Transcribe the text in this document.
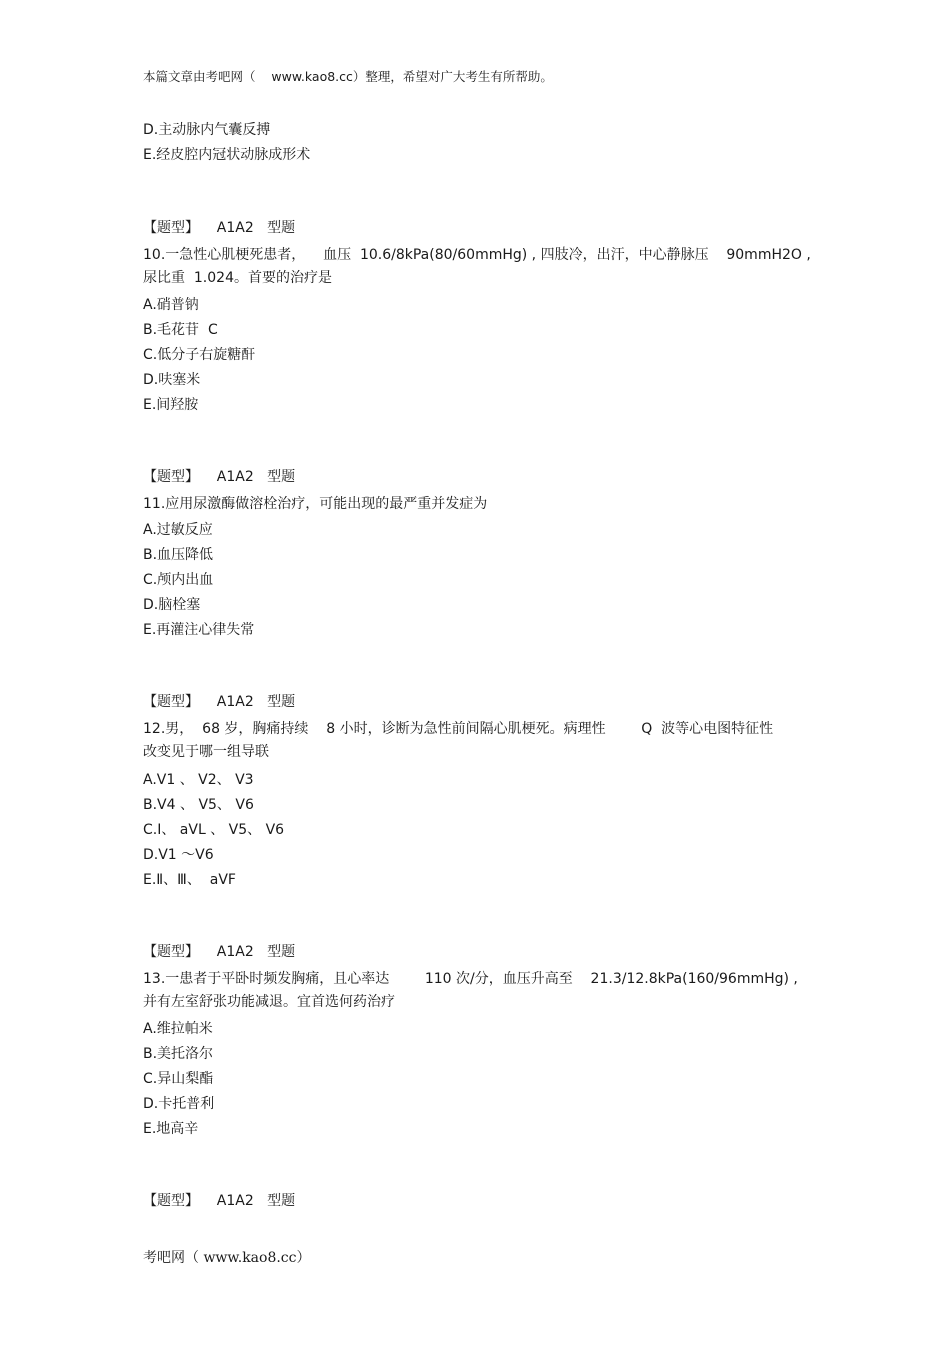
本篇文章由考吧网（    www.kao8.cc）整理，希望对广大考生有所帮助。
D.主动脉内气囊反搏
E.经皮腔内冠状动脉成形术
【题型】    A1A2   型题
10.一急性心肌梗死患者，    血压  10.6/8kPa(80/60mmHg) , 四肢冷，出汗，中心静脉压    90mmH2O ,
尿比重  1.024。首要的治疗是
A.硝普钠
B.毛花苷  C
C.低分子右旋糖酐
D.呋塞米
E.间羟胺
【题型】    A1A2   型题
11.应用尿激酶做溶栓治疗，可能出现的最严重并发症为
A.过敏反应
B.血压降低
C.颅内出血
D.脑栓塞
E.再灌注心律失常
【题型】    A1A2   型题
12.男，  68 岁，胸痛持续    8 小时，诊断为急性前间隔心肌梗死。病理性        Q  波等心电图特征性
改变见于哪一组导联
A.V1 、 V2、 V3
B.V4 、 V5、 V6
C.I、 aVL 、 V5、 V6
D.V1 ～V6
E.Ⅱ、Ⅲ、  aVF
【题型】    A1A2   型题
13.一患者于平卧时频发胸痛，且心率达        110 次/分，血压升高至    21.3/12.8kPa(160/96mmHg) ,
并有左室舒张功能减退。宜首选何药治疗
A.维拉帕米
B.美托洛尔
C.异山梨酯
D.卡托普利
E.地高辛
【题型】    A1A2   型题
考吧网（ www.kao8.cc）
